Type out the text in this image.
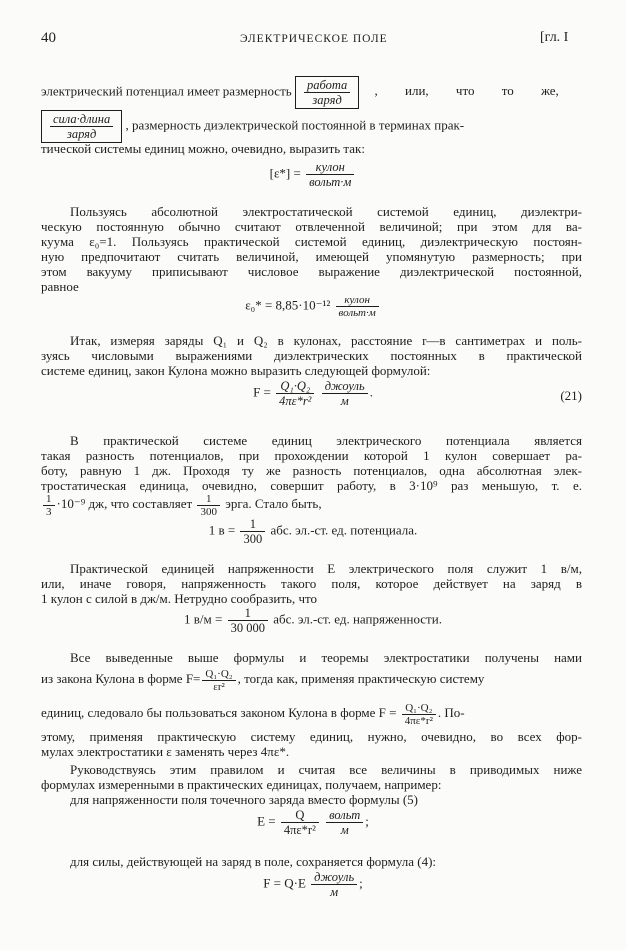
40	ЭЛЕКТРИЧЕСКОЕ ПОЛЕ	[гл. I
электрический потенциал имеет размерность работа
заряд
, или, что то же,
сила·длина
заряд
, размерность диэлектрической постоянной в терминах прак-
тической системы единиц можно, очевидно, выразить так:
[ε*] =	кулон
вольт·м
Пользуясь абсолютной электростатической системой единиц, диэлектри-
ческую постоянную обычно считают отвлеченной величиной; при этом для ва-
куума ε₀=1. Пользуясь практической системой единиц, диэлектрическую постоян-
ную предпочитают считать величиной, имеющей упомянутую размерность; при
этом вакууму приписывают числовое выражение диэлектрической постоянной,
равное
ε₀* = 8,85·10⁻¹²	кулон
вольт·м
Итак, измеряя заряды Q₁ и Q₂ в кулонах, расстояние r—в сантиметрах и поль-
зуясь числовыми выражениями диэлектрических постоянных в практической
системе единиц, закон Кулона можно выразить следующей формулой:
$F = \frac{\text{Q₁·Q₂}}{\text{4πε*r²}}$
джоуль
м
.	(21)
В практической системе единиц электрического потенциала является
такая разность потенциалов, при прохождении которой 1 кулон совершает ра-
боту, равную 1 дж. Проходя ту же разность потенциалов, одна абсолютная элек-
тростатическая единица, очевидно, совершит работу, в 3·10⁹ раз меньшую, т. е.
$\frac{1}{3} \cdot 10^{-9}$ дж, что составляет $\frac{1}{300}$ эрга. Стало быть,
1 $в = \frac{1}{300}$ абс. эл.-ст. ед. потенциала.
Практической единицей напряженности E электрического поля служит 1 в/м,
или, иначе говоря, напряженность такого поля, которое действует на заряд в
1 кулон с силой в дж/м. Нетрудно сообразить, что
1 $в/м = \frac{1}{30 000}$ абс. эл.-ст. ед. напряженности.
Все выведенные выше формулы и теоремы электростатики получены нами
из закона Кулона в форме $F= \frac{\text{Q₁·Q₂}}{\text{εr²}}$ , тогда как, применяя практическую систему
единиц, следовало бы пользоваться законом Кулона в форме $F = \frac{\text{Q₁·Q₂}}{\text{4πε*r²}}$ . По-
этому, применяя практическую систему единиц, нужно, очевидно, во всех фор-
мулах электростатики ε заменять через 4πε*.
Руководствуясь этим правилом и считая все величины в приводимых ниже
формулах измеренными в практических единицах, получаем, например:
для напряженности поля точечного заряда вместо формулы (5)
$E = \frac{Q}{\text{4πε*r²}}$
вольт
м
;
для силы, действующей на заряд в поле, сохраняется формула (4):
F = Q·E джоуль
м
;
